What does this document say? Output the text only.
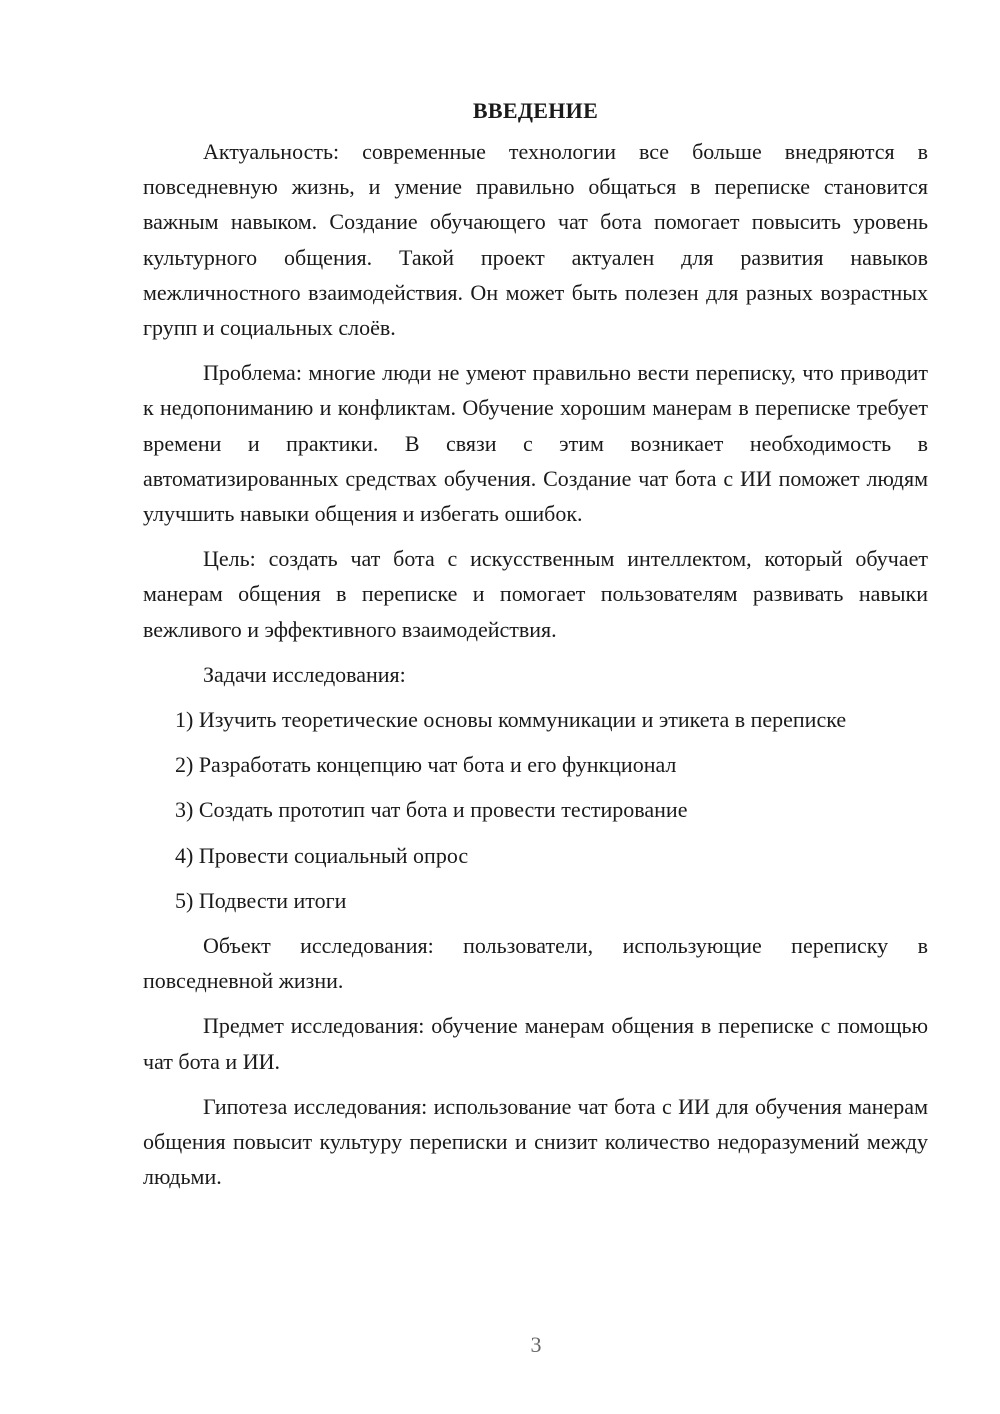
ВВЕДЕНИЕ

Актуальность: современные технологии все больше внедряются в повседневную жизнь, и умение правильно общаться в переписке становится важным навыком. Создание обучающего чат бота помогает повысить уровень культурного общения. Такой проект актуален для развития навыков межличностного взаимодействия. Он может быть полезен для разных возрастных групп и социальных слоёв.

Проблема: многие люди не умеют правильно вести переписку, что приводит к недопониманию и конфликтам. Обучение хорошим манерам в переписке требует времени и практики. В связи с этим возникает необходимость в автоматизированных средствах обучения. Создание чат бота с ИИ поможет людям улучшить навыки общения и избегать ошибок.

Цель: создать чат бота с искусственным интеллектом, который обучает манерам общения в переписке и помогает пользователям развивать навыки вежливого и эффективного взаимодействия.

Задачи исследования:

1) Изучить теоретические основы коммуникации и этикета в переписке
2) Разработать концепцию чат бота и его функционал
3) Создать прототип чат бота и провести тестирование
4) Провести социальный опрос
5) Подвести итоги

Объект исследования: пользователи, использующие переписку в повседневной жизни.

Предмет исследования: обучение манерам общения в переписке с помощью чат бота и ИИ.

Гипотеза исследования: использование чат бота с ИИ для обучения манерам общения повысит культуру переписки и снизит количество недоразумений между людьми.

3
